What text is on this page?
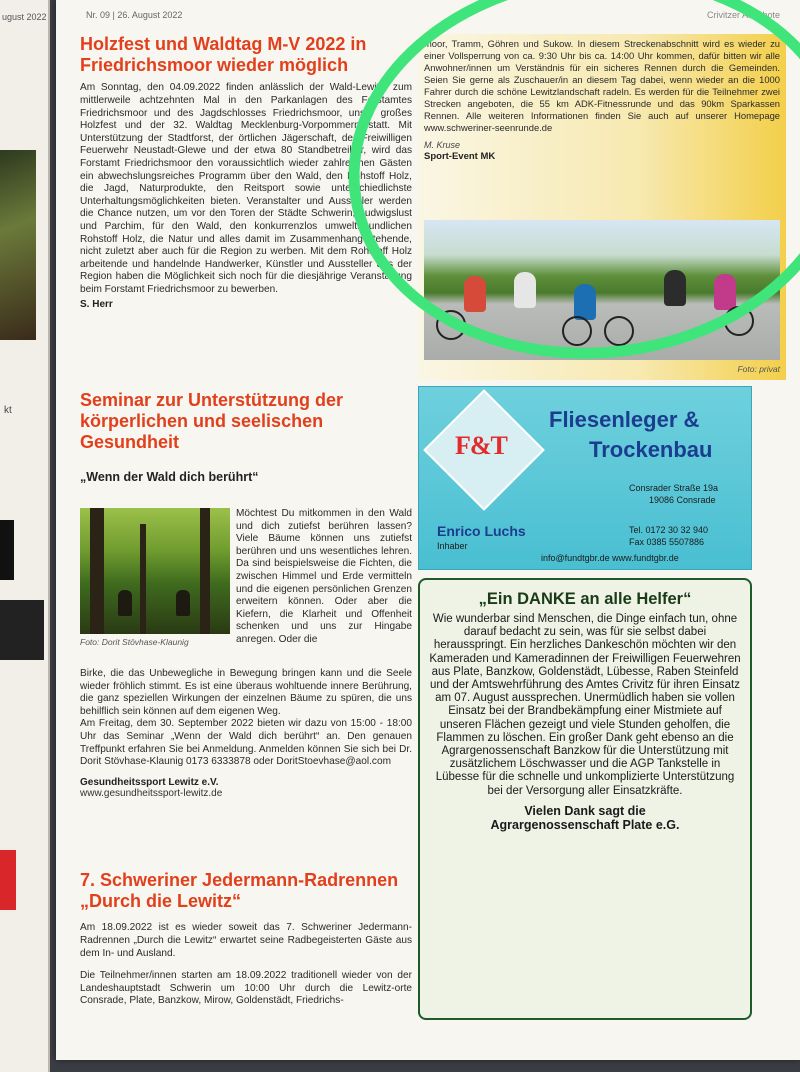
ugust 2022
kt
Nr. 09 | 26. August 2022	Crivitzer Amtsbote
Holzfest und Waldtag M-V 2022 in Friedrichsmoor wieder möglich

Am Sonntag, den 04.09.2022 finden anlässlich der Wald-Lewitz, zum mittlerweile achtzehnten Mal in den Parkanlagen des Forstamtes Friedrichsmoor und des Jagdschlosses Friedrichsmoor, unser großes Holzfest und der 32. Waldtag Mecklenburg-Vorpommern statt. Mit Unterstützung der Stadtforst, der örtlichen Jägerschaft, der Freiwilligen Feuerwehr Neustadt-Glewe und der etwa 80 Standbetreiber, wird das Forstamt Friedrichsmoor den voraussichtlich wieder zahlreichen Gästen ein abwechslungsreiches Programm über den Wald, den Rohstoff Holz, die Jagd, Naturprodukte, den Reitsport sowie unterschiedlichste Unterhaltungsmöglichkeiten bieten. Veranstalter und Aussteller werden die Chance nutzen, um vor den Toren der Städte Schwerin, Ludwigslust und Parchim, für den Wald, den konkurrenzlos umweltfreundlichen Rohstoff Holz, die Natur und alles damit im Zusammenhang stehende, nicht zuletzt aber auch für die Region zu werben. Mit dem Rohstoff Holz arbeitende und handelnde Handwerker, Künstler und Aussteller aus der Region haben die Möglichkeit sich noch für die diesjährige Veranstaltung beim Forstamt Friedrichsmoor zu bewerben.

S. Herr
Seminar zur Unterstützung der körperlichen und seelischen Gesundheit
„Wenn der Wald dich berührt“
Foto: Dorit Stövhase-Klaunig

Möchtest Du mitkommen in den Wald und dich zutiefst berühren lassen? Viele Bäume können uns zutiefst berühren und uns wesentliches lehren. Da sind beispielsweise die Fichten, die zwischen Himmel und Erde vermitteln und die eigenen persönlichen Grenzen erweitern können. Oder aber die Kiefern, die Klarheit und Offenheit schenken und uns zur Hingabe anregen. Oder die

Birke, die das Unbewegliche in Bewegung bringen kann und die Seele wieder fröhlich stimmt. Es ist eine überaus wohltuende innere Berührung, die ganz speziellen Wirkungen der einzelnen Bäume zu spüren, die uns behilflich sein können auf dem eigenen Weg.

Am Freitag, dem 30. September 2022 bieten wir dazu von 15:00 - 18:00 Uhr das Seminar „Wenn der Wald dich berührt“ an. Den genauen Treffpunkt erfahren Sie bei Anmeldung. Anmelden können Sie sich bei Dr. Dorit Stövhase-Klaunig 0173 6333878 oder DoritStoevhase@aol.com

Gesundheitssport Lewitz e.V.
www.gesundheitssport-lewitz.de
7. Schweriner Jedermann-Radrennen „Durch die Lewitz“

Am 18.09.2022 ist es wieder soweit das 7. Schweriner Jedermann-Radrennen „Durch die Lewitz“ erwartet seine Radbegeisterten Gäste aus dem In- und Ausland.

Die Teilnehmer/innen starten am 18.09.2022 traditionell wieder von der Landeshauptstadt Schwerin um 10:00 Uhr durch die Lewitz-orte Consrade, Plate, Banzkow, Mirow, Goldenstädt, Friedrichs-

moor, Tramm, Göhren und Sukow. In diesem Streckenabschnitt wird es wieder zu einer Vollsperrung von ca. 9:30 Uhr bis ca. 14:00 Uhr kommen, dafür bitten wir alle Anwohner/innen um Verständnis für ein sicheres Rennen durch die Gemeinden. Seien Sie gerne als Zuschauer/in an diesem Tag dabei, wenn wieder an die 1000 Fahrer durch die schöne Lewitzlandschaft radeln. Es werden für die Teilnehmer zwei Strecken angeboten, die 55 km ADK-Fitnessrunde und das 90km Sparkassen Rennen. Alle weiteren Informationen finden Sie auch auf unserer Homepage www.schweriner-seenrunde.de

M. Kruse
Sport-Event MK
Foto: privat
F&T
Fliesenleger &
Trockenbau
Consrader Straße 19a
19086 Consrade
Enrico Luchs
Inhaber
Tel. 0172 30 32 940
Fax 0385 5507886
info@fundtgbr.de www.fundtgbr.de
„Ein DANKE an alle Helfer“
Wie wunderbar sind Menschen, die Dinge einfach tun, ohne darauf bedacht zu sein, was für sie selbst dabei herausspringt. Ein herzliches Dankeschön möchten wir den Kameraden und Kameradinnen der Freiwilligen Feuerwehren aus Plate, Banzkow, Goldenstädt, Lübesse, Raben Steinfeld und der Amtswehrführung des Amtes Crivitz für ihren Einsatz am 07. August aussprechen. Unermüdlich haben sie vollen Einsatz bei der Brandbekämpfung einer Mistmiete auf unseren Flächen gezeigt und viele Stunden geholfen, die Flammen zu löschen. Ein großer Dank geht ebenso an die Agrargenossenschaft Banzkow für die Unterstützung mit zusätzlichem Löschwasser und die AGP Tankstelle in Lübesse für die schnelle und unkomplizierte Unterstützung bei der Versorgung aller Einsatzkräfte.
Vielen Dank sagt die
Agrargenossenschaft Plate e.G.
